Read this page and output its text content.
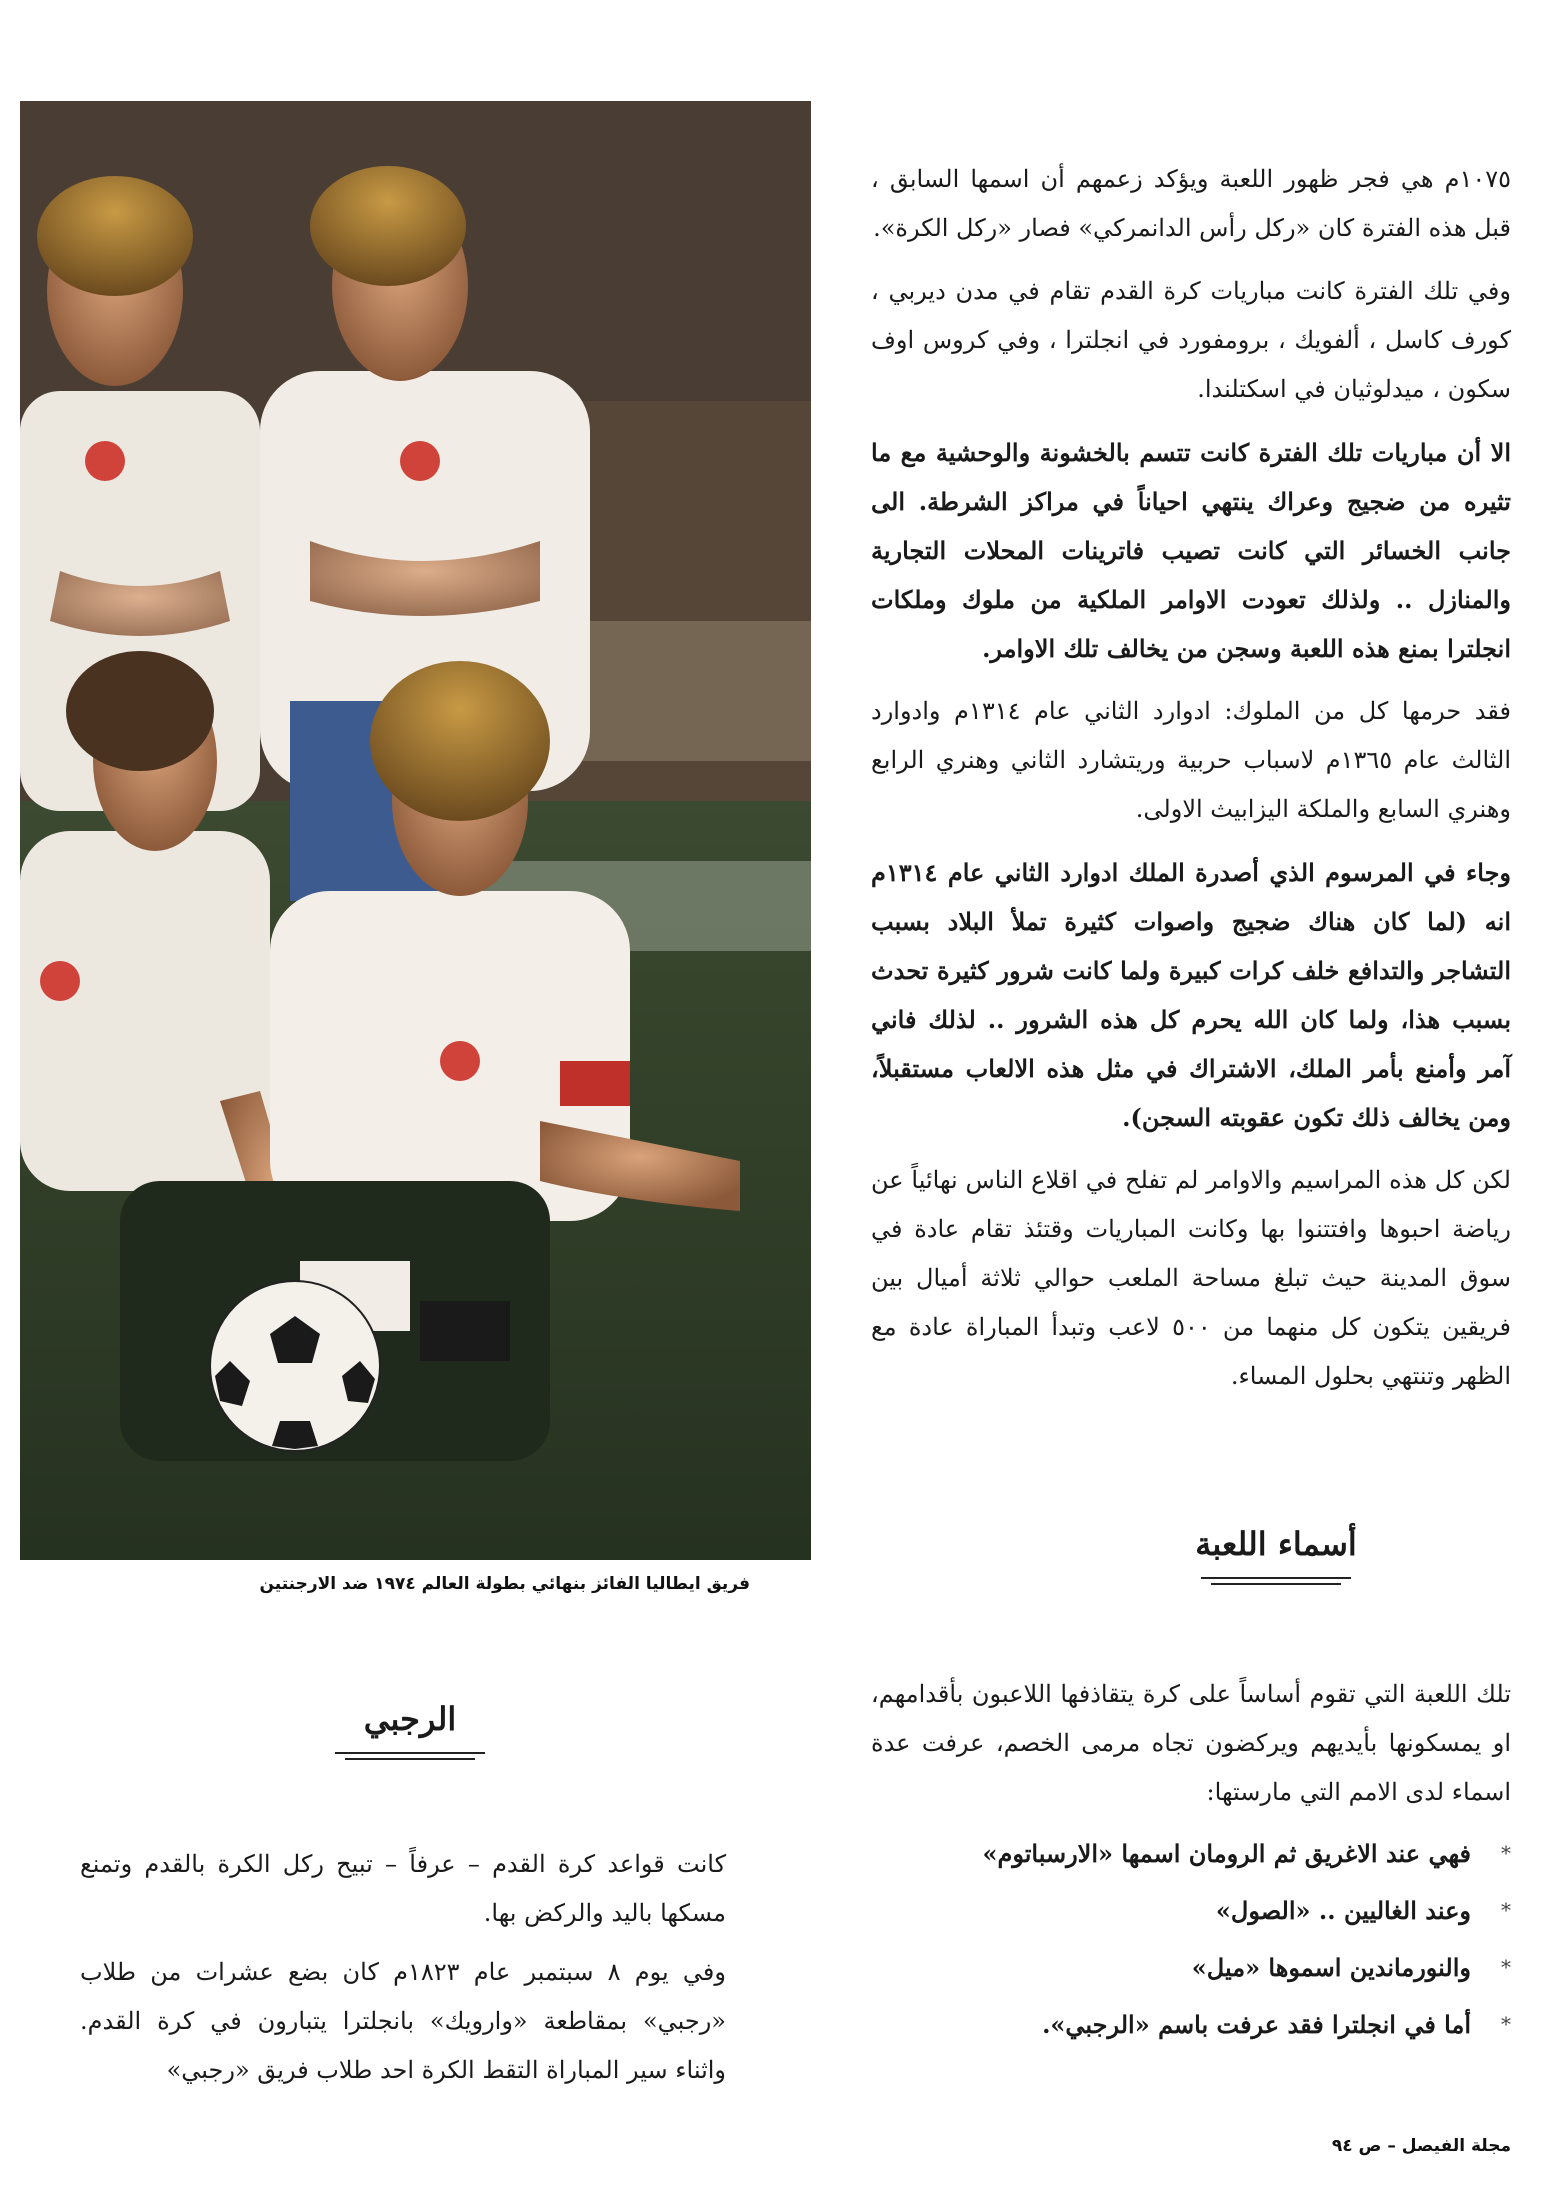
فريق ايطاليا الفائز بنهائي بطولة العالم ١٩٧٤ ضد الارجنتين

١٠٧٥م هي فجر ظهور اللعبة ويؤكد زعمهم أن اسمها السابق ، قبل هذه الفترة كان «ركل رأس الدانمركي» فصار «ركل الكرة».

وفي تلك الفترة كانت مباريات كرة القدم تقام في مدن ديربي ، كورف كاسل ، ألفويك ، برومفورد في انجلترا ، وفي كروس اوف سكون ، ميدلوثيان في اسكتلندا.

الا أن مباريات تلك الفترة كانت تتسم بالخشونة والوحشية مع ما تثيره من ضجيج وعراك ينتهي احياناً في مراكز الشرطة. الى جانب الخسائر التي كانت تصيب فاترينات المحلات التجارية والمنازل .. ولذلك تعودت الاوامر الملكية من ملوك وملكات انجلترا بمنع هذه اللعبة وسجن من يخالف تلك الاوامر.

فقد حرمها كل من الملوك: ادوارد الثاني عام ١٣١٤م وادوارد الثالث عام ١٣٦٥م لاسباب حربية وريتشارد الثاني وهنري الرابع وهنري السابع والملكة اليزابيث الاولى.

وجاء في المرسوم الذي أصدرة الملك ادوارد الثاني عام ١٣١٤م انه (لما كان هناك ضجيج واصوات كثيرة تملأ البلاد بسبب التشاجر والتدافع خلف كرات كبيرة ولما كانت شرور كثيرة تحدث بسبب هذا، ولما كان الله يحرم كل هذه الشرور .. لذلك فاني آمر وأمنع بأمر الملك، الاشتراك في مثل هذه الالعاب مستقبلاً، ومن يخالف ذلك تكون عقوبته السجن).

لكن كل هذه المراسيم والاوامر لم تفلح في اقلاع الناس نهائياً عن رياضة احبوها وافتتنوا بها وكانت المباريات وقتئذ تقام عادة في سوق المدينة حيث تبلغ مساحة الملعب حوالي ثلاثة أميال بين فريقين يتكون كل منهما من ٥٠٠ لاعب وتبدأ المباراة عادة مع الظهر وتنتهي بحلول المساء.

أسماء اللعبة

تلك اللعبة التي تقوم أساساً على كرة يتقاذفها اللاعبون بأقدامهم، او يمسكونها بأيديهم ويركضون تجاه مرمى الخصم، عرفت عدة اسماء لدى الامم التي مارستها:

*
فهي عند الاغريق ثم الرومان اسمها «الارسباتوم»
*
وعند الغاليين .. «الصول»
*
والنورماندين اسموها «ميل»
*
أما في انجلترا فقد عرفت باسم «الرجبي».
الرجبي

كانت قواعد كرة القدم – عرفاً – تبيح ركل الكرة بالقدم وتمنع مسكها باليد والركض بها.

وفي يوم ٨ سبتمبر عام ١٨٢٣م كان بضع عشرات من طلاب «رجبي» بمقاطعة «وارويك» بانجلترا يتبارون في كرة القدم. واثناء سير المباراة التقط الكرة احد طلاب فريق «رجبي»

مجلة الفيصل – ص ٩٤
